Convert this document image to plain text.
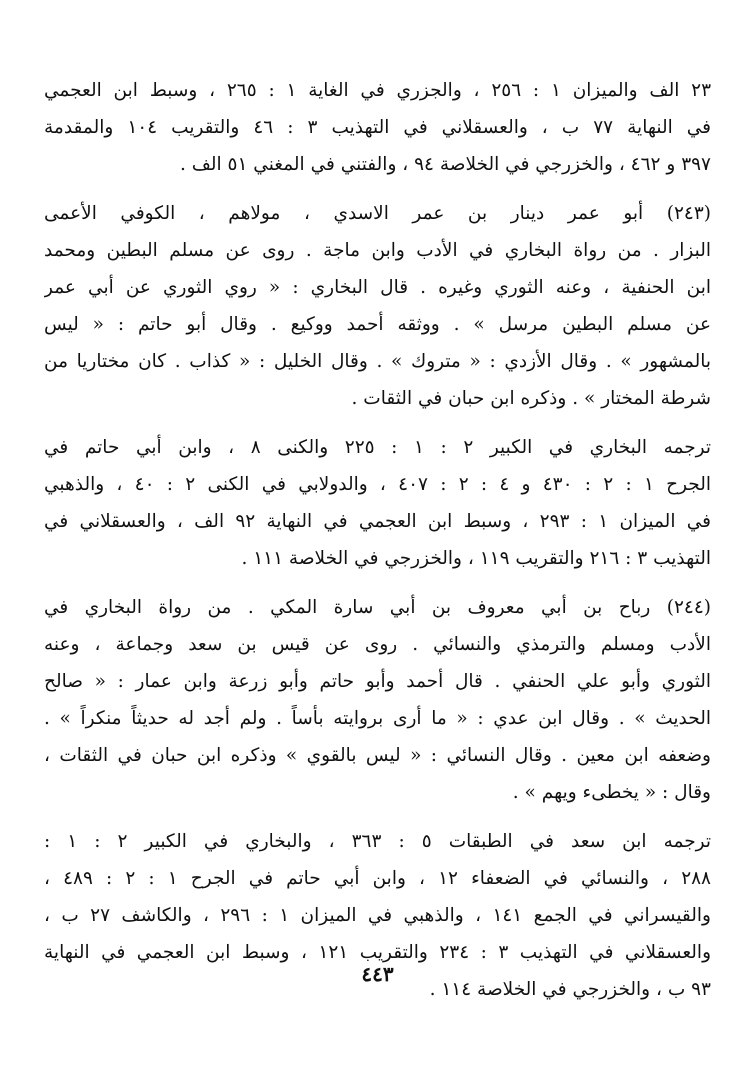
٢٣ الف والميزان ١ : ٢٥٦ ، والجزري في الغاية ١ : ٢٦٥ ، وسبط ابن العجمي
في النهاية ٧٧ ب ، والعسقلاني في التهذيب ٣ : ٤٦ والتقريب ١٠٤ والمقدمة
٣٩٧ و ٤٦٢ ، والخزرجي في الخلاصة ٩٤ ، والفتني في المغني ٥١ الف .
(٢٤٣) أبو عمر دينار بن عمر الاسدي ، مولاهم ، الكوفي الأعمى
البزار . من رواة البخاري في الأدب وابن ماجة . روى عن مسلم البطين ومحمد
ابن الحنفية ، وعنه الثوري وغيره . قال البخاري : « روي الثوري عن أبي عمر
عن مسلم البطين مرسل » . ووثقه أحمد ووكيع . وقال أبو حاتم : « ليس
بالمشهور » . وقال الأزدي : « متروك » . وقال الخليل : « كذاب . كان مختاريا من
شرطة المختار » . وذكره ابن حبان في الثقات .
ترجمه البخاري في الكبير ٢ : ١ : ٢٢٥ والكنى ٨ ، وابن أبي حاتم في
الجرح ١ : ٢ : ٤٣٠ و ٤ : ٢ : ٤٠٧ ، والدولابي في الكنى ٢ : ٤٠ ، والذهبي
في الميزان ١ : ٢٩٣ ، وسبط ابن العجمي في النهاية ٩٢ الف ، والعسقلاني في
التهذيب ٣ : ٢١٦ والتقريب ١١٩ ، والخزرجي في الخلاصة ١١١ .
(٢٤٤) رباح بن أبي معروف بن أبي سارة المكي . من رواة البخاري في
الأدب ومسلم والترمذي والنسائي . روى عن قيس بن سعد وجماعة ، وعنه
الثوري وأبو علي الحنفي . قال أحمد وأبو حاتم وأبو زرعة وابن عمار : « صالح
الحديث » . وقال ابن عدي : « ما أرى بروايته بأساً . ولم أجد له حديثاً منكراً » .
وضعفه ابن معين . وقال النسائي : « ليس بالقوي » وذكره ابن حبان في الثقات ،
وقال : « يخطىء ويهم » .
ترجمه ابن سعد في الطبقات ٥ : ٣٦٣ ، والبخاري في الكبير ٢ : ١ :
٢٨٨ ، والنسائي في الضعفاء ١٢ ، وابن أبي حاتم في الجرح ١ : ٢ : ٤٨٩ ،
والقيسراني في الجمع ١٤١ ، والذهبي في الميزان ١ : ٢٩٦ ، والكاشف ٢٧ ب ،
والعسقلاني في التهذيب ٣ : ٢٣٤ والتقريب ١٢١ ، وسبط ابن العجمي في النهاية
٩٣ ب ، والخزرجي في الخلاصة ١١٤ .
٤٤٣
